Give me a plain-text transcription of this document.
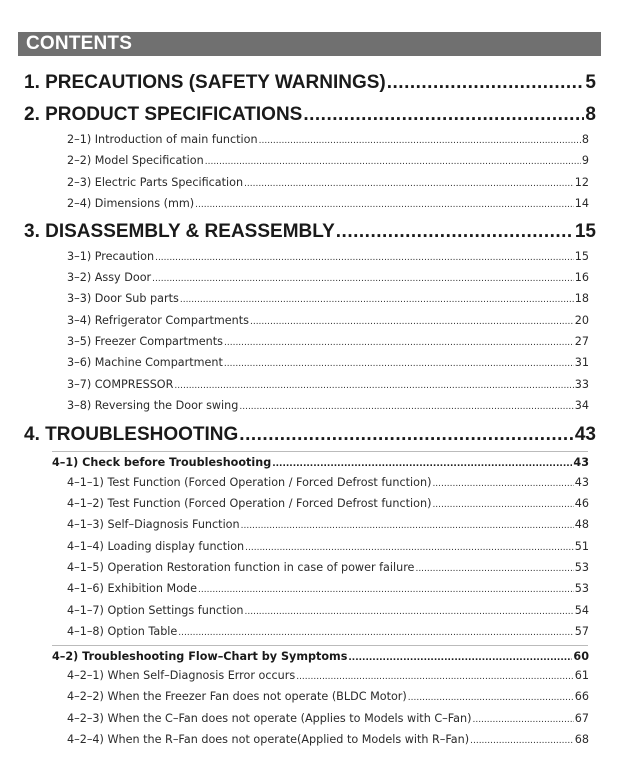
CONTENTS
1. PRECAUTIONS (SAFETY WARNINGS) .....	5
2. PRODUCT SPECIFICATIONS .....	8
2–1) Introduction of main function .....	8
2–2) Model Specification .....	9
2–3) Electric Parts Specification .....	12
2–4) Dimensions (mm) .....	14
3. DISASSEMBLY & REASSEMBLY .....	15
3–1) Precaution .....	15
3–2) Assy Door .....	16
3–3) Door Sub parts .....	18
3–4) Refrigerator Compartments .....	20
3–5) Freezer Compartments .....	27
3–6) Machine Compartment .....	31
3–7) COMPRESSOR .....	33
3–8) Reversing the Door swing .....	34
4. TROUBLESHOOTING .....	43
4–1) Check before Troubleshooting .....	43
4–1–1) Test Function (Forced Operation / Forced Defrost function) .....	43
4–1–2) Test Function (Forced Operation / Forced Defrost function) .....	46
4–1–3) Self–Diagnosis Function .....	48
4–1–4) Loading display function .....	51
4–1–5) Operation Restoration function in case of power failure .....	53
4–1–6) Exhibition Mode .....	53
4–1–7) Option Settings function .....	54
4–1–8) Option Table .....	57
4–2) Troubleshooting Flow–Chart by Symptoms .....	60
4–2–1) When Self–Diagnosis Error occurs .....	61
4–2–2) When the Freezer Fan does not operate (BLDC Motor) .....	66
4–2–3) When the C–Fan does not operate (Applies to Models with C–Fan) .....	67
4–2–4) When the R–Fan does not operate(Applied to Models with R–Fan) .....	68
